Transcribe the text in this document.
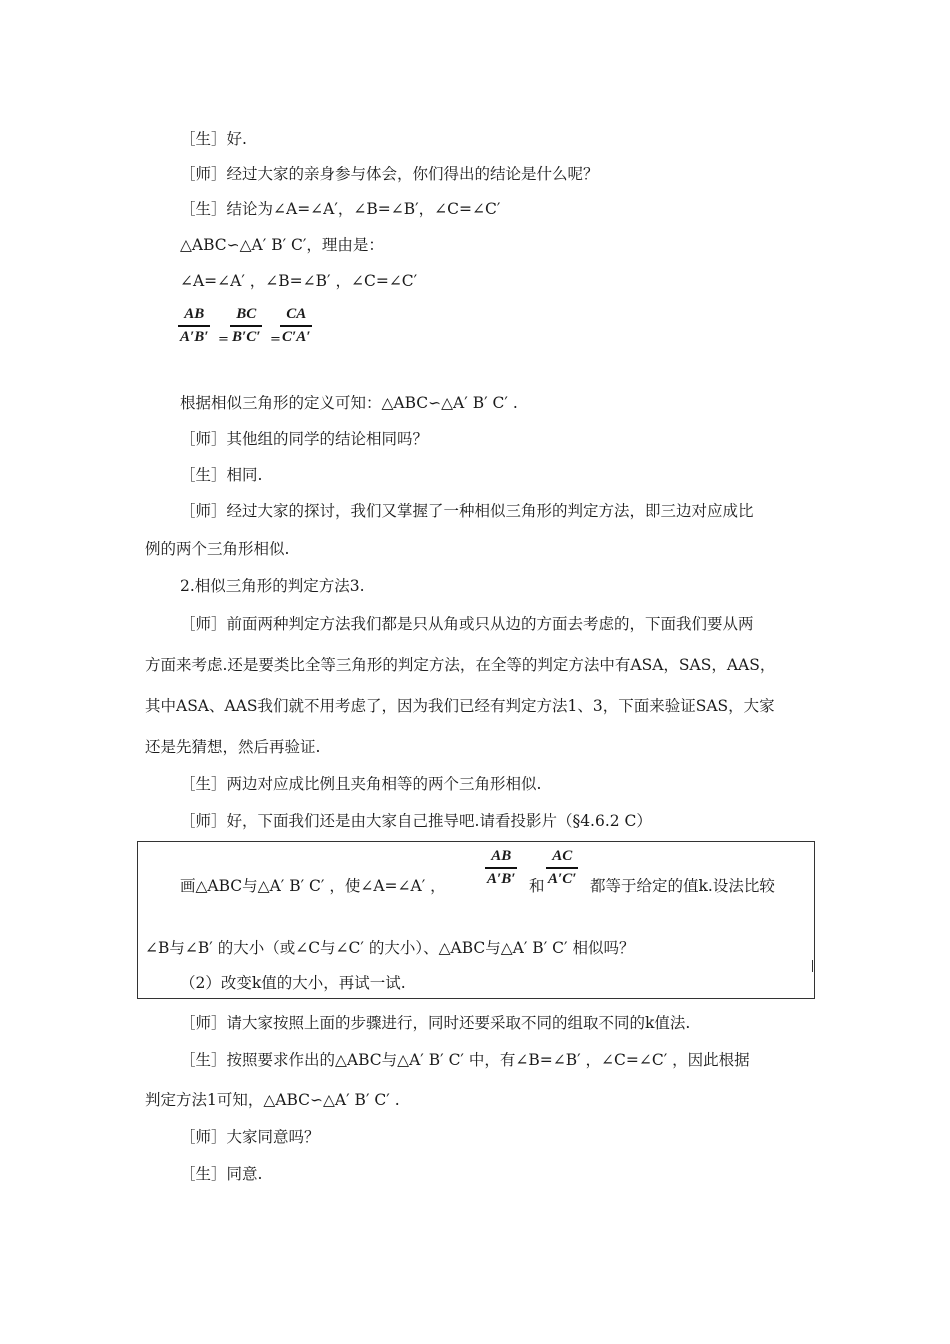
［生］好.
［师］经过大家的亲身参与体会，你们得出的结论是什么呢？
［生］结论为∠A=∠A′，∠B=∠B′，∠C=∠C′
△ABC∽△A′ B′ C′，理由是：
∠A=∠A′ ，∠B=∠B′ ，∠C=∠C′
AB
A′B′ =
BC
B′C′ =
CA
C′A′
根据相似三角形的定义可知：△ABC∽△A′ B′ C′ .
［师］其他组的同学的结论相同吗？
［生］相同.
［师］经过大家的探讨，我们又掌握了一种相似三角形的判定方法，即三边对应成比
例的两个三角形相似.
2.相似三角形的判定方法3.
［师］前面两种判定方法我们都是只从角或只从边的方面去考虑的，下面我们要从两
方面来考虑.还是要类比全等三角形的判定方法，在全等的判定方法中有ASA，SAS，AAS，
其中ASA、AAS我们就不用考虑了，因为我们已经有判定方法1、3，下面来验证SAS，大家
还是先猜想，然后再验证.
［生］两边对应成比例且夹角相等的两个三角形相似.
［师］好，下面我们还是由大家自己推导吧.请看投影片（§4.6.2 C）
画△ABC与△A′ B′ C′ ，使∠A=∠A′ ，
AB
A′B′ 和
AC
A′C′ 都等于给定的值k.设法比较
∠B与∠B′ 的大小（或∠C与∠C′ 的大小）、△ABC与△A′ B′ C′ 相似吗？
（2）改变k值的大小，再试一试.
［师］请大家按照上面的步骤进行，同时还要采取不同的组取不同的k值法.
［生］按照要求作出的△ABC与△A′ B′ C′ 中，有∠B=∠B′ ，∠C=∠C′ ，因此根据
判定方法1可知，△ABC∽△A′ B′ C′ .
［师］大家同意吗？
［生］同意.
